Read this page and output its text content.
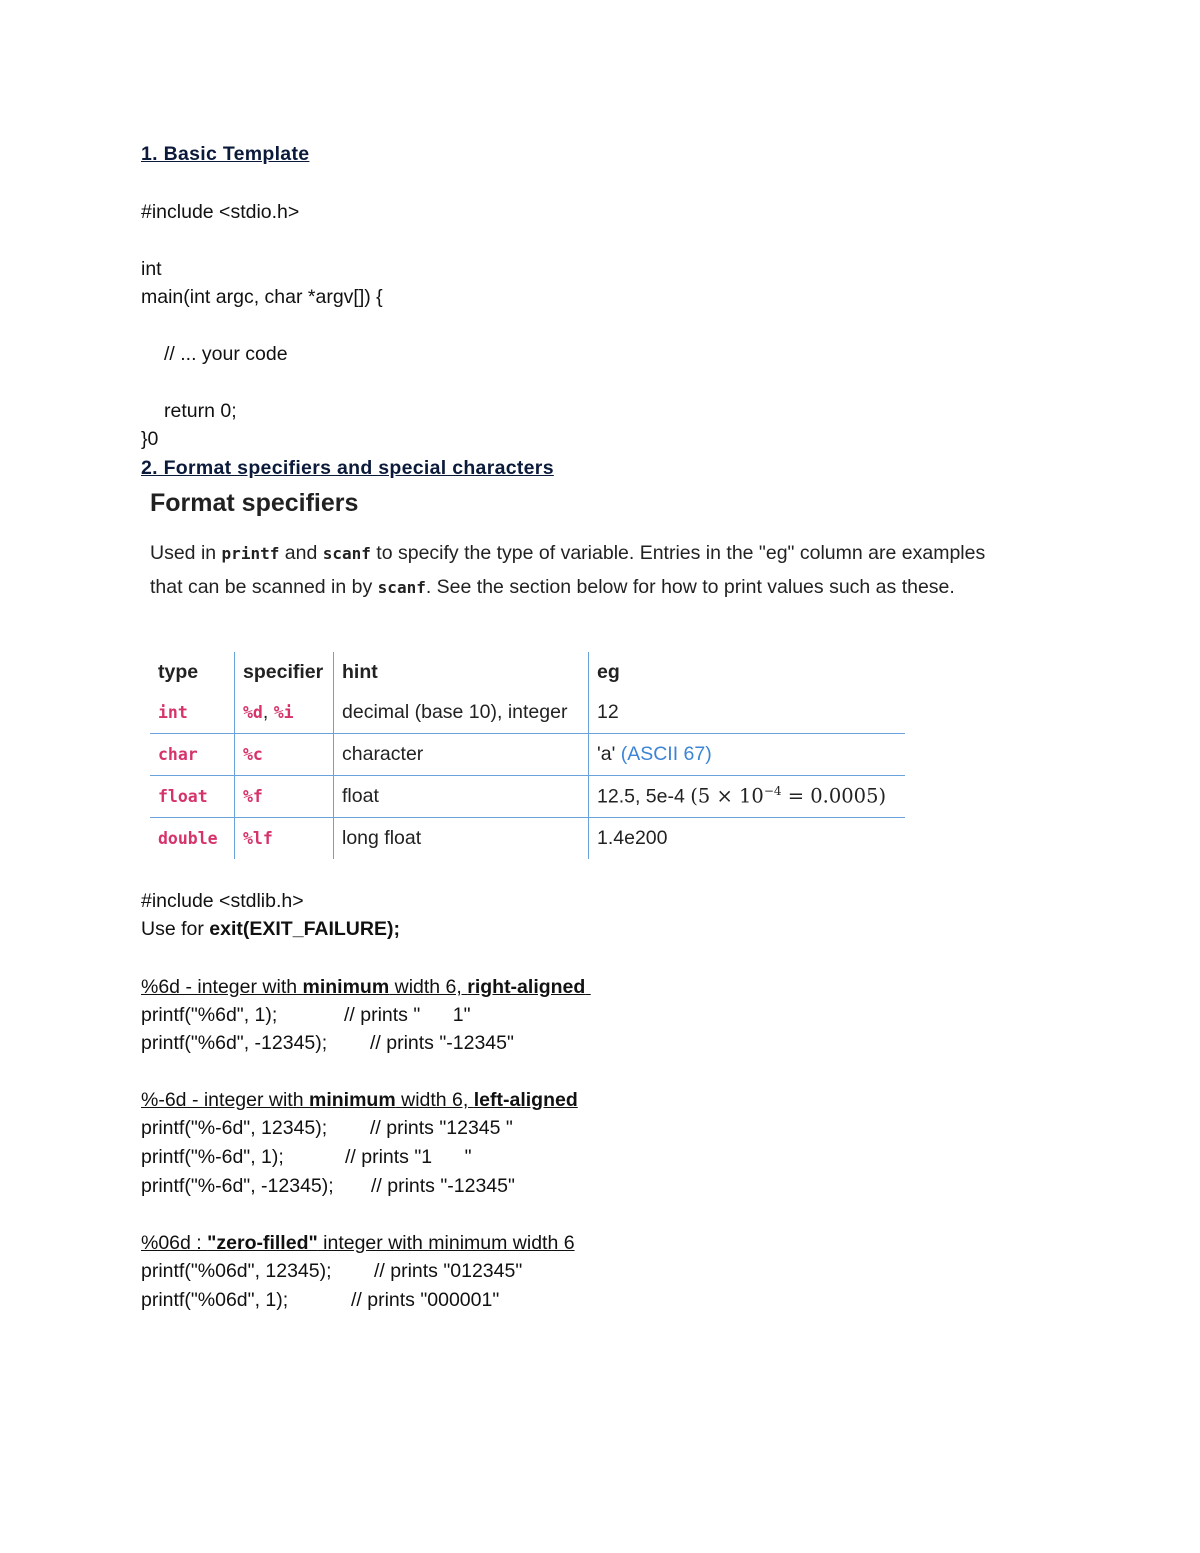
1. Basic Template
#include <stdio.h>
int
main(int argc, char *argv[]) {
// ... your code
return 0;
}0
2. Format specifiers and special characters
Format specifiers
Used in printf and scanf to specify the type of variable. Entries in the "eg" column are examples that can be scanned in by scanf. See the section below for how to print values such as these.
type	specifier	hint	eg
int	%d, %i	decimal (base 10), integer	12
char	%c	character	'a' (ASCII 67)
float	%f	float	12.5, 5e-4 $(5 \times 10^{-4} = 0.0005)$
double	%lf	long float	1.4e200
#include <stdlib.h>
Use for exit(EXIT_FAILURE);
%6d - integer with minimum width 6, right-aligned
printf("%6d", 1);	// prints "      1"
printf("%6d", -12345); // prints "-12345"
%-6d - integer with minimum width 6, left-aligned
printf("%-6d", 12345); // prints "12345 "
printf("%-6d", 1);	// prints "1      "
printf("%-6d", -12345); // prints "-12345"
%06d : "zero-filled" integer with minimum width 6
printf("%06d", 12345); // prints "012345"
printf("%06d", 1);	// prints "000001"
